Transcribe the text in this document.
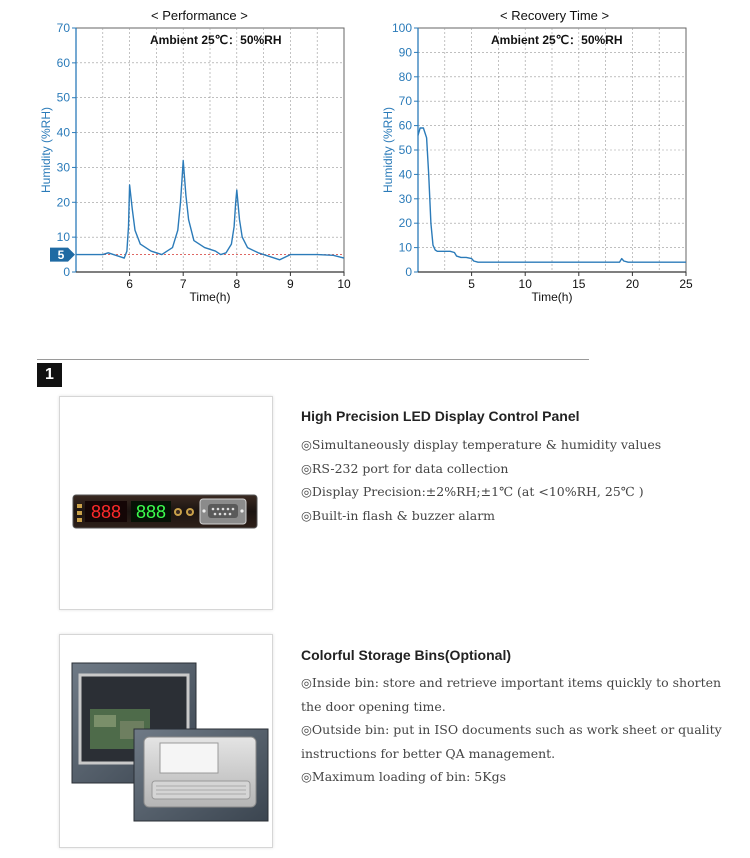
< Performance >
0
10
20
30
40
50
60
70
6	7	8	9	10
Time(h)
Humidity (%RH)
Ambient 25℃：50%RH
5
< Recovery Time >
0
10
20
30
40
50
60
70
80
90
100
5	10	15	20	25
Time(h)
Humidity (%RH)
Ambient 25℃：50%RH
1
888 888
High Precision LED Display Control Panel
◎Simultaneously display temperature & humidity values
◎RS-232 port for data collection
◎Display Precision:±2%RH;±1℃ (at <10%RH, 25℃ )
◎Built-in flash & buzzer alarm
Colorful Storage Bins(Optional)
◎Inside bin: store and retrieve important items quickly to shorten the door opening time.
◎Outside bin: put in ISO documents such as work sheet or quality instructions for better QA management.
◎Maximum loading of bin: 5Kgs
